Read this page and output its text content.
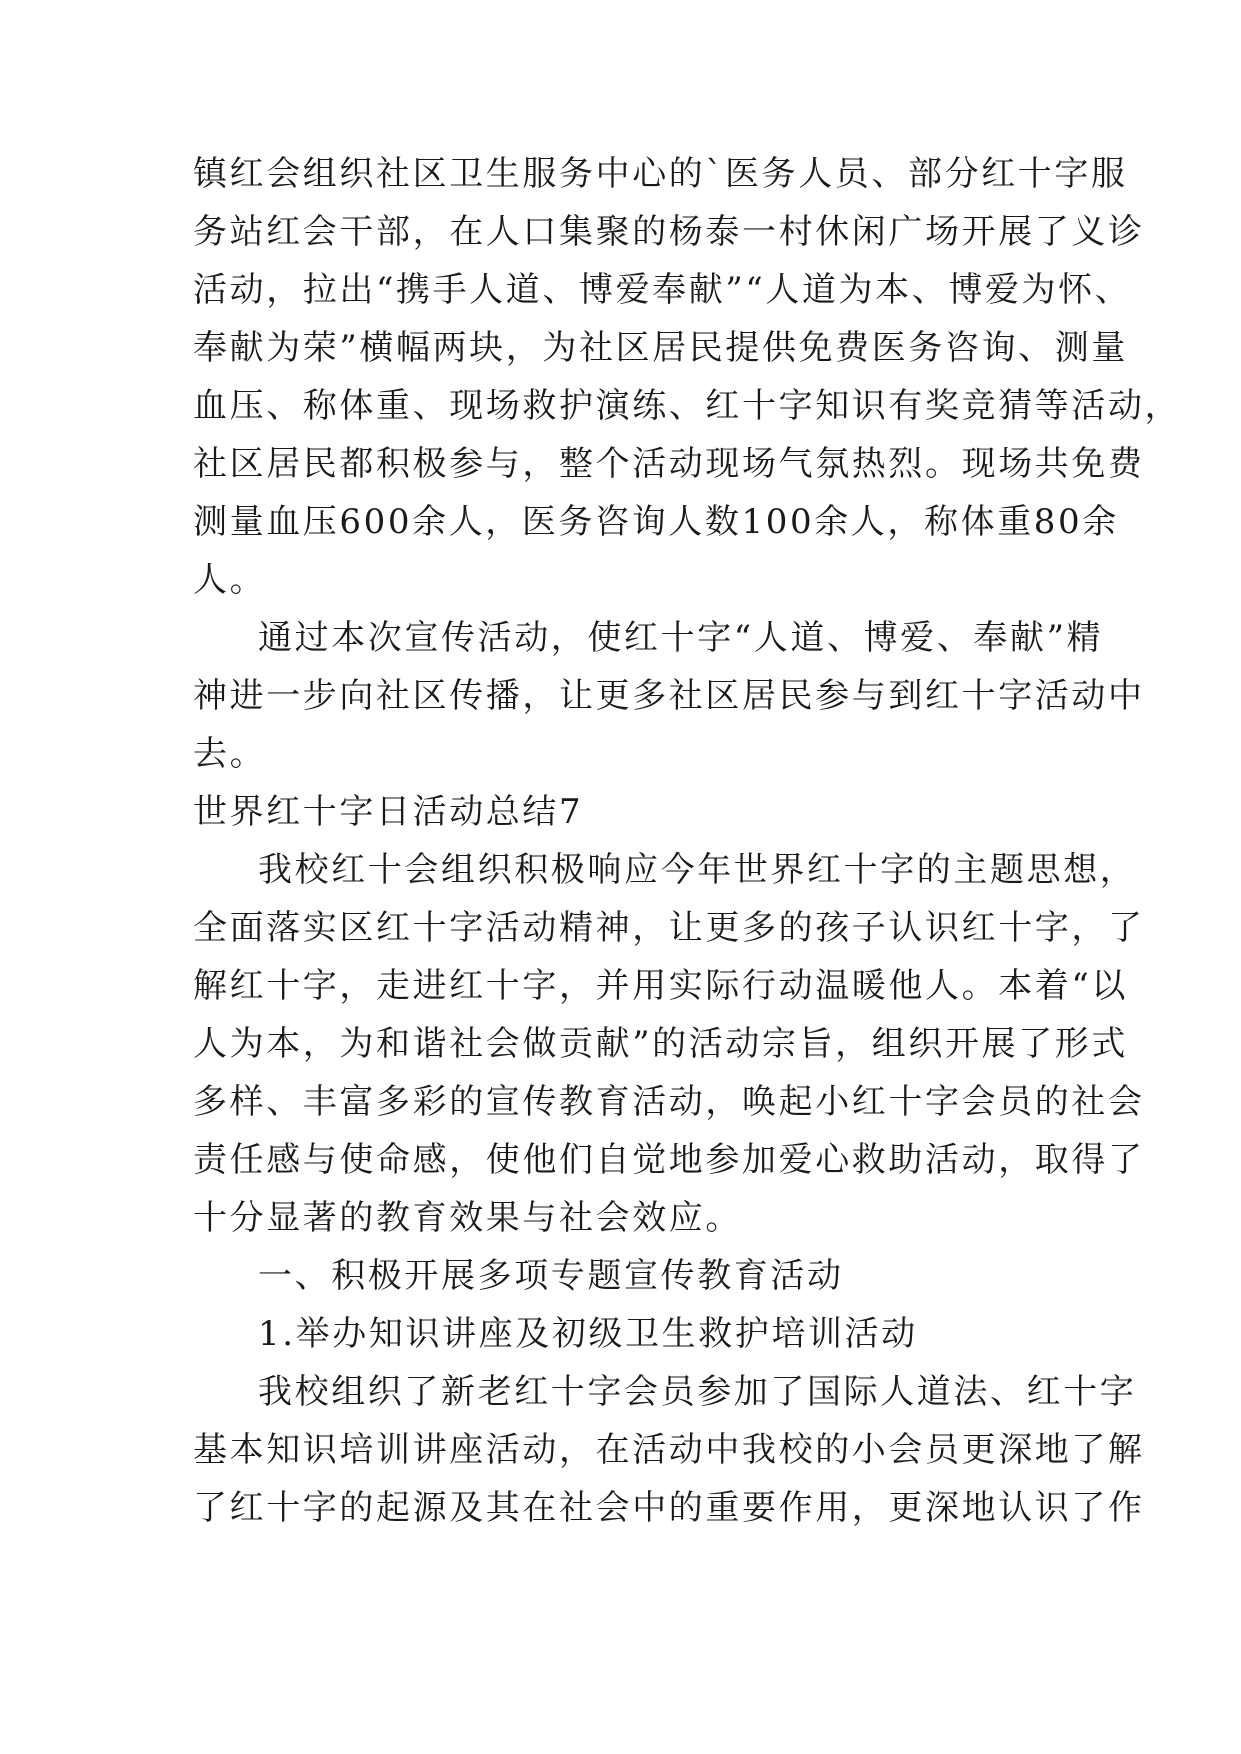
镇红会组织社区卫生服务中心的`医务人员、部分红十字服
务站红会干部，在人口集聚的杨泰一村休闲广场开展了义诊
活动，拉出“携手人道、博爱奉献”“人道为本、博爱为怀、
奉献为荣”横幅两块，为社区居民提供免费医务咨询、测量
血压、称体重、现场救护演练、红十字知识有奖竞猜等活动，
社区居民都积极参与，整个活动现场气氛热烈。现场共免费
测量血压600余人，医务咨询人数100余人，称体重80余
人。
通过本次宣传活动，使红十字“人道、博爱、奉献”精
神进一步向社区传播，让更多社区居民参与到红十字活动中
去。
世界红十字日活动总结7
我校红十会组织积极响应今年世界红十字的主题思想，
全面落实区红十字活动精神，让更多的孩子认识红十字，了
解红十字，走进红十字，并用实际行动温暖他人。本着“以
人为本，为和谐社会做贡献”的活动宗旨，组织开展了形式
多样、丰富多彩的宣传教育活动，唤起小红十字会员的社会
责任感与使命感，使他们自觉地参加爱心救助活动，取得了
十分显著的教育效果与社会效应。
一、积极开展多项专题宣传教育活动
1.举办知识讲座及初级卫生救护培训活动
我校组织了新老红十字会员参加了国际人道法、红十字
基本知识培训讲座活动，在活动中我校的小会员更深地了解
了红十字的起源及其在社会中的重要作用，更深地认识了作
